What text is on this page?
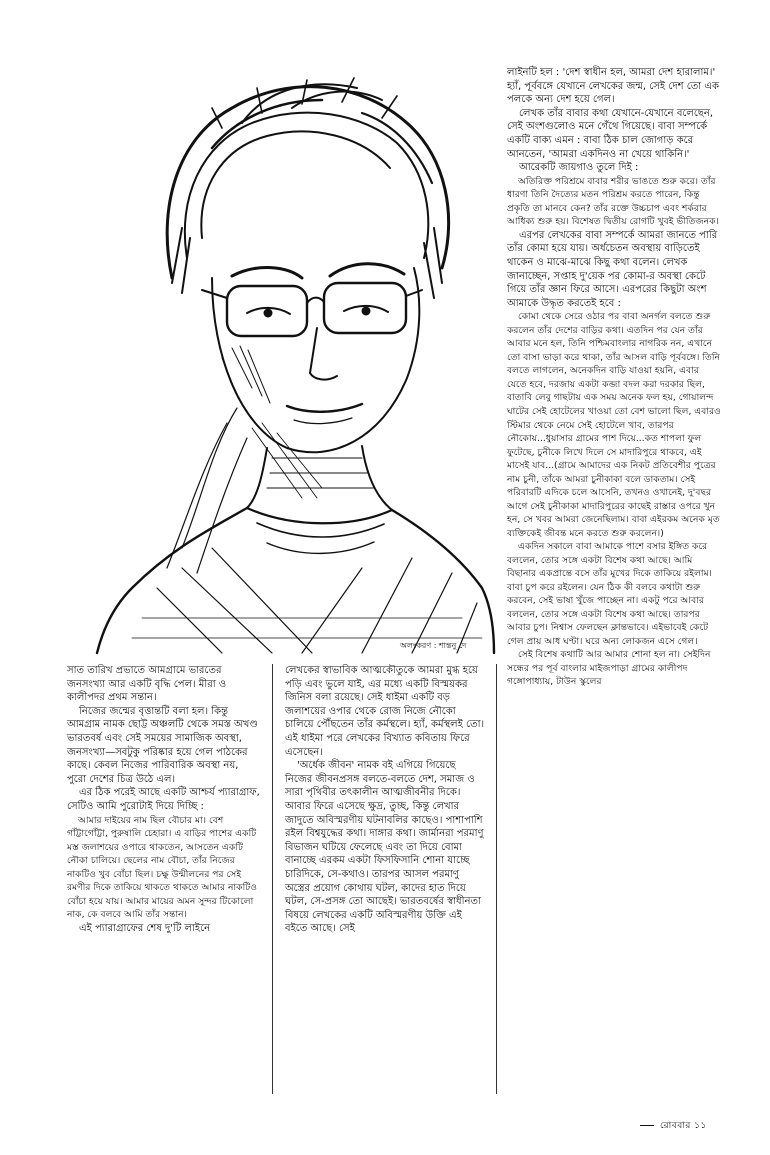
অলংকরণ : শান্তনু দে

সাত তারিখ প্রভাতে আমগ্রামে ভারতের জনসংখ্যা আর একটি বৃদ্ধি পেল। মীরা ও কালীপদর প্রথম সন্তান।

নিজের জন্মের বৃত্তান্তটি বলা হল। কিন্তু আমগ্রাম নামক ছোট্ট অঞ্চলটি থেকে সমস্ত অখণ্ড ভারতবর্ষ এবং সেই সময়ের সামাজিক অবস্থা, জনসংখ্যা—সবটুকু পরিষ্কার হয়ে গেল পাঠকের কাছে। কেবল নিজের পারিবারিক অবস্থা নয়, পুরো দেশের চিত্র উঠে এল।

এর ঠিক পরেই আছে একটি আশ্চর্য প্যারাগ্রাফ, সেটিও আমি পুরোটাই দিয়ে দিচ্ছি :

আমার দাইয়ের নাম ছিল বৌচার মা। বেশ গাঁট্টাগোঁট্টা, পুরুষালি চেহারা। এ বাড়ির পাশের একটি মস্ত জলাশয়ের ওপারে থাকতেন, আসতেন একটি নৌকা চালিয়ে। ছেলের নাম বৌচা, তাঁর নিজের নাকটিও খুব বোঁচা ছিল। চক্ষু উন্মীলনের পর সেই রমণীর দিকে তাকিয়ে থাকতে থাকতে আমার নাকটিও বোঁচা হয়ে যায়। আমার মায়ের অমন সুন্দর টিকোলো নাক, কে বলবে আমি তাঁর সন্তান।

এই প্যারাগ্রাফের শেষ দু'টি লাইনে

লেখকের স্বাভাবিক আত্মকৌতুকে আমরা মুগ্ধ হয়ে পড়ি এবং ভুলে যাই, এর মধ্যে একটি বিস্ময়কর জিনিস বলা রয়েছে। সেই ধাইমা একটি বড় জলাশয়ের ওপার থেকে রোজ নিজে নৌকো চালিয়ে পৌঁছতেন তাঁর কর্মস্থলে। হ্যাঁ, কর্মস্থলই তো। এই ধাইমা পরে লেখকের বিখ্যাত কবিতায় ফিরে এসেছেন।

'অর্ধেক জীবন' নামক বই এগিয়ে গিয়েছে নিজের জীবনপ্রসঙ্গ বলতে-বলতে দেশ, সমাজ ও সারা পৃথিবীর তৎকালীন আত্মজীবনীর দিকে। আবার ফিরে এসেছে ক্ষুদ্র, তুচ্ছ, কিন্তু লেখার জাদুতে অবিস্মরণীয় ঘটনাবলির কাছেও। পাশাপাশি রইল বিশ্বযুদ্ধের কথা। দাঙ্গার কথা। জার্মানরা পরমাণু বিভাজন ঘটিয়ে ফেলেছে এবং তা দিয়ে বোমা বানাচ্ছে এরকম একটা ফিসফিসানি শোনা যাচ্ছে চারিদিকে, সে-কথাও। তারপর আসল পরমাণু অস্ত্রের প্রয়োগ কোথায় ঘটল, কাদের হাত দিয়ে ঘটল, সে-প্রসঙ্গ তো আছেই। ভারতবর্ষের স্বাধীনতা বিষয়ে লেখকের একটি অবিস্মরণীয় উক্তি এই বইতে আছে। সেই

লাইনটি হল : 'দেশ স্বাধীন হল, আমরা দেশ হারালাম।' হ্যাঁ, পূর্ববঙ্গে যেখানে লেখকের জন্ম, সেই দেশ তো এক পলকে অন্য দেশ হয়ে গেল।

লেখক তাঁর বাবার কথা যেখানে-যেখানে বলেছেন, সেই অংশগুলোও মনে গেঁথে গিয়েছে। বাবা সম্পর্কে একটি বাক্য এমন : বাবা ঠিক চাল জোগাড় করে আনতেন, 'আমরা একদিনও না খেয়ে থাকিনি।'

আরেকটি জায়গাও তুলে দিই :

অতিরিক্ত পরিশ্রমে বাবার শরীর ভাঙতে শুরু করে। তাঁর ধারণা তিনি দৈত্যের মতন পরিশ্রম করতে পারেন, কিন্তু প্রকৃতি তা মানবে কেন? তাঁর রক্তে উচ্চচাপ এবং শর্করার আধিক্য শুরু হয়। বিশেষত দ্বিতীয় রোগটি খুবই ভীতিজনক।

এরপর লেখকের বাবা সম্পর্কে আমরা জানতে পারি তাঁর কোমা হয়ে যায়। অর্ধচেতন অবস্থায় বাড়িতেই থাকেন ও মাঝে-মাঝে কিছু কথা বলেন। লেখক জানাচ্ছেন, সপ্তাহ দু'য়েক পর কোমা-র অবস্থা কেটে গিয়ে তাঁর জ্ঞান ফিরে আসে। এরপরের কিছুটা অংশ আমাকে উদ্ধৃত করতেই হবে :

কোমা থেকে সেরে ওঠার পর বাবা অনর্গল বলতে শুরু করলেন তাঁর দেশের বাড়ির কথা। এতদিন পর যেন তাঁর আবার মনে হল, তিনি পশ্চিমবাংলার নাগরিক নন, এখানে তো বাসা ভাড়া করে থাকা, তাঁর আসল বাড়ি পূর্ববঙ্গে। তিনি বলতে লাগলেন, অনেকদিন বাড়ি যাওয়া হয়নি, এবার যেতে হবে, দরজায় একটা কব্জা বদল করা দরকার ছিল, বাতাবি লেবু গাছটায় এক সময় অনেক ফল হয়, গোয়ালন্দ ঘাটের সেই হোটেলের খাওয়া তো বেশ ভালো ছিল, এবারও স্টিমার থেকে নেমে সেই হোটেলে খাব, তারপর নৌকোয়...ধুয়াসার গ্রামের পাশ দিয়ে...কত শাপলা ফুল ফুটেছে, চুনীকে লিখে দিলে সে মাদারিপুরে থাকবে, এই মাসেই যাব...(গ্রামে আমাদের এক নিকট প্রতিবেশীর পুত্রের নাম চুনী, তাঁকে আমরা চুনীকাকা বলে ডাকতাম। সেই পরিবারটি এদিকে চলে আসেনি, তখনও ওখানেই, দু'বছর আগে সেই চুনীকাকা মাদারিপুরের কাছেই রাস্তার ওপরে খুন হন, সে খবর আমরা জেনেছিলাম। বাবা এইরকম অনেক মৃত ব্যক্তিকেই জীবন্ত মনে করতে শুরু করলেন।)

একদিন সকালে বাবা আমাকে পাশে বসার ইঙ্গিত করে বললেন, তোর সঙ্গে একটা বিশেষ কথা আছে। আমি বিছানার একপ্রান্তে বসে তাঁর মুখের দিকে তাকিয়ে রইলাম। বাবা চুপ করে রইলেন। যেন ঠিক কী বলবে কথাটা শুরু করবেন, সেই ভাষা খুঁজে পাচ্ছেন না। একটু পরে আবার বললেন, তোর সঙ্গে একটা বিশেষ কথা আছে। তারপর আবার চুপ। নিশ্বাস ফেলছেন ক্লান্তভাবে। এইভাবেই কেটে গেল প্রায় আধ ঘণ্টা। ঘরে অন্য লোকজন এসে গেল।

সেই বিশেষ কথাটি আর আমার শোনা হল না। সেইদিন সন্ধের পর পূর্ব বাংলার মাইজপাড়া গ্রামের কালীপদ গঙ্গোপাধ্যায়, টাউন স্কুলের

রোববার ১১
